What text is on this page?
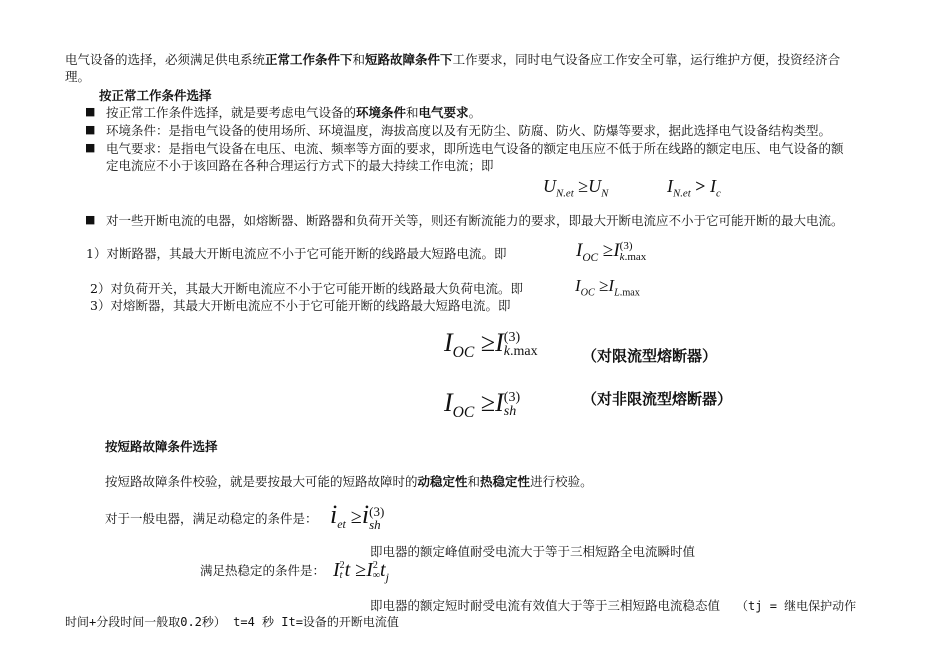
电气设备的选择，必须满足供电系统正常工作条件下和短路故障条件下工作要求，同时电气设备应工作安全可靠，运行维护方便，投资经济合
理。
按正常工作条件选择
■ 按正常工作条件选择，就是要考虑电气设备的环境条件和电气要求。
■ 环境条件：是指电气设备的使用场所、环境温度，海拔高度以及有无防尘、防腐、防火、防爆等要求，据此选择电气设备结构类型。
■ 电气要求：是指电气设备在电压、电流、频率等方面的要求，即所选电气设备的额定电压应不低于所在线路的额定电压、电气设备的额
定电流应不小于该回路在各种合理运行方式下的最大持续工作电流；即
$U_{N.et} \ge U_N$	$I_{N.et} > I_c$
■ 对一些开断电流的电器，如熔断器、断路器和负荷开关等，则还有断流能力的要求，即最大开断电流应不小于它可能开断的最大电流。
1）对断路器，其最大开断电流应不小于它可能开断的线路最大短路电流。即	$I_{OC} \ge I(3)$
k.max
2）对负荷开关，其最大开断电流应不小于它可能开断的线路最大负荷电流。即	$I_{OC} \ge I_{L.max}$
3）对熔断器，其最大开断电流应不小于它可能开断的线路最大短路电流。即
$I_{OC} \ge I(3)$
k.max	（对限流型熔断器）
$I_{OC} \ge I(3)$
sh
（对非限流型熔断器）
按短路故障条件选择
按短路故障条件校验，就是要按最大可能的短路故障时的动稳定性和热稳定性进行校验。
对于一般电器，满足动稳定的条件是： $i_{et} \ge i(3)$
sh
即电器的额定峰值耐受电流大于等于三相短路全电流瞬时值
满足热稳定的条件是： I2
t t ≥I2
$\infty t_j$
即电器的额定短时耐受电流有效值大于等于三相短路电流稳态值 （tj = 继电保护动作
时间+分段时间一般取0.2秒） t=4 秒 It=设备的开断电流值
